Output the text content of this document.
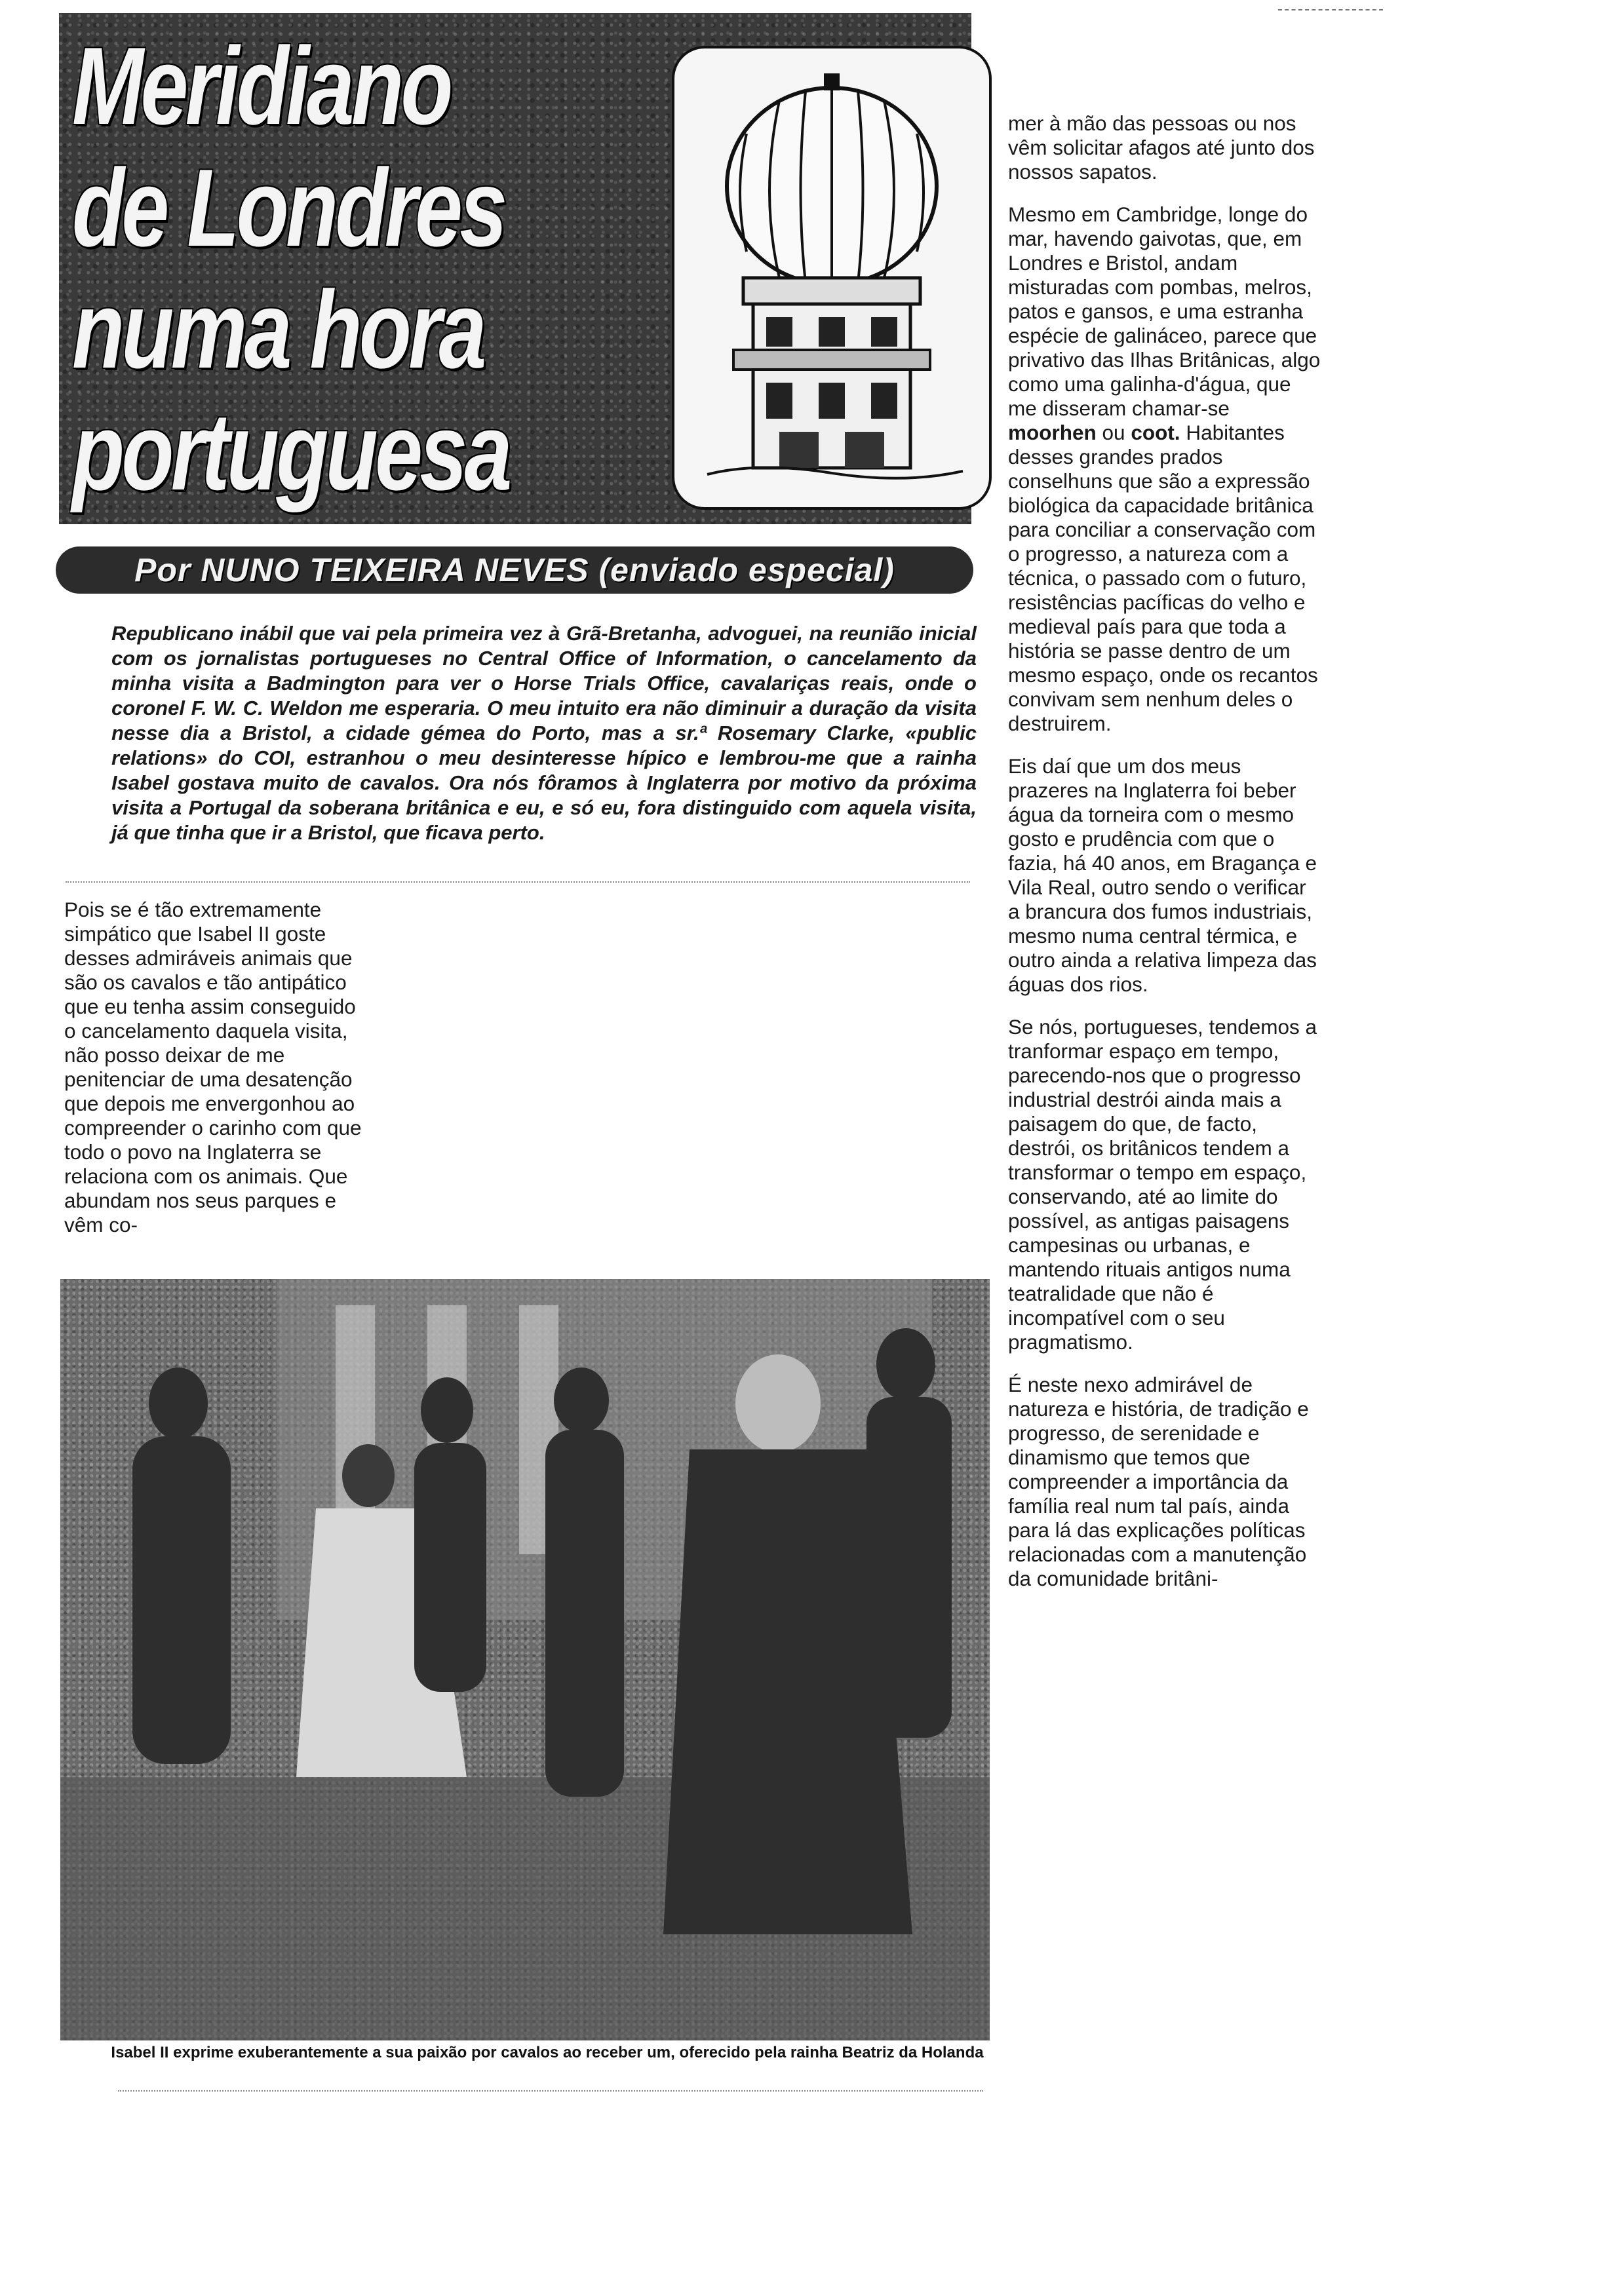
Meridiano
de Londres
numa hora
portuguesa
Por NUNO TEIXEIRA NEVES (enviado especial)

Republicano inábil que vai pela primeira vez à Grã-Bretanha, advoguei, na reunião inicial com os jornalistas portugueses no Central Office of Information, o cancelamento da minha visita a Badmington para ver o Horse Trials Office, cavalariças reais, onde o coronel F. W. C. Weldon me esperaria. O meu intuito era não diminuir a duração da visita nesse dia a Bristol, a cidade gémea do Porto, mas a sr.ª Rosemary Clarke, «public relations» do COI, estranhou o meu desinteresse hípico e lembrou-me que a rainha Isabel gostava muito de cavalos. Ora nós fôramos à Inglaterra por motivo da próxima visita a Portugal da soberana britânica e eu, e só eu, fora distinguido com aquela visita, já que tinha que ir a Bristol, que ficava perto.

Pois se é tão extremamente simpático que Isabel II goste desses admiráveis animais que são os cavalos e tão antipático que eu tenha assim conseguido o cancelamento daquela visita, não posso deixar de me penitenciar de uma desatenção que depois me envergonhou ao compreender o carinho com que todo o povo na Inglaterra se relaciona com os animais. Que abundam nos seus parques e vêm co-

mer à mão das pessoas ou nos vêm solicitar afagos até junto dos nossos sapatos.

Mesmo em Cambridge, longe do mar, havendo gaivotas, que, em Londres e Bristol, andam misturadas com pombas, melros, patos e gansos, e uma estranha espécie de galináceo, parece que privativo das Ilhas Britânicas, algo como uma galinha-d'água, que me disseram chamar-se moorhen ou coot. Habitantes desses grandes prados conselhuns que são a expressão biológica da capacidade britânica para conciliar a conservação com o progresso, a natureza com a técnica, o passado com o futuro, resistências pacíficas do velho e medieval país para que toda a história se passe dentro de um mesmo espaço, onde os recantos convivam sem nenhum deles o destruirem.

Eis daí que um dos meus prazeres na Inglaterra foi beber água da torneira com o mesmo gosto e prudência com que o fazia, há 40 anos, em Bragança e Vila Real, outro sendo o verificar a brancura dos fumos industriais, mesmo numa central térmica, e outro ainda a relativa limpeza das águas dos rios.

Se nós, portugueses, tendemos a tranformar espaço em tempo, parecendo-nos que o progresso industrial destrói ainda mais a paisagem do que, de facto, destrói, os britânicos tendem a transformar o tempo em espaço, conservando, até ao limite do possível, as antigas paisagens campesinas ou urbanas, e mantendo rituais antigos numa teatralidade que não é incompatível com o seu pragmatismo.

É neste nexo admirável de natureza e história, de tradição e progresso, de serenidade e dinamismo que temos que compreender a importância da família real num tal país, ainda para lá das explicações políticas relacionadas com a manutenção da comunidade britâni-

Isabel II exprime exuberantemente a sua paixão por cavalos ao receber um, oferecido pela rainha Beatriz da Holanda
